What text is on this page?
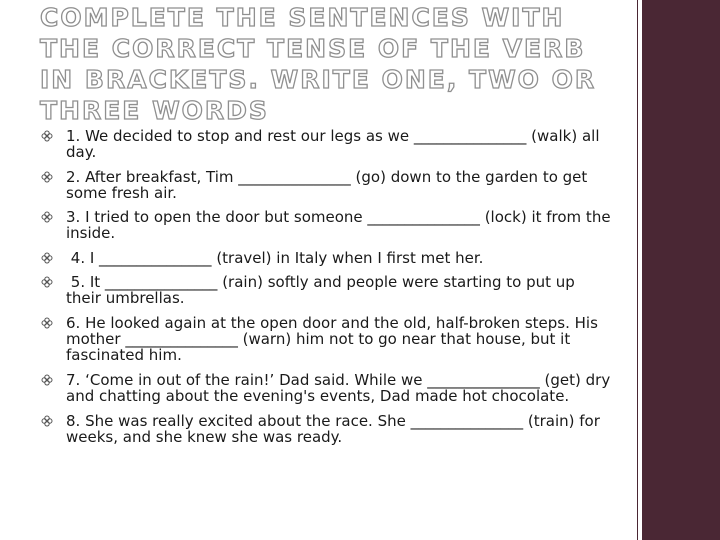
COMPLETE THE SENTENCES WITH THE CORRECT TENSE OF THE VERB IN BRACKETS. WRITE ONE, TWO OR THREE WORDS
1. We decided to stop and rest our legs as we _______________ (walk) all day.
2. After breakfast, Tim _______________ (go) down to the garden to get some fresh air.
3. I tried to open the door but someone _______________ (lock) it from the inside.
4. I _______________ (travel) in Italy when I first met her.
5. It _______________ (rain) softly and people were starting to put up their umbrellas.
6. He looked again at the open door and the old, half-broken steps. His mother _______________ (warn) him not to go near that house, but it fascinated him.
7. ‘Come in out of the rain!’ Dad said. While we _______________ (get) dry and chatting about the evening's events, Dad made hot chocolate.
8. She was really excited about the race. She _______________ (train) for weeks, and she knew she was ready.
